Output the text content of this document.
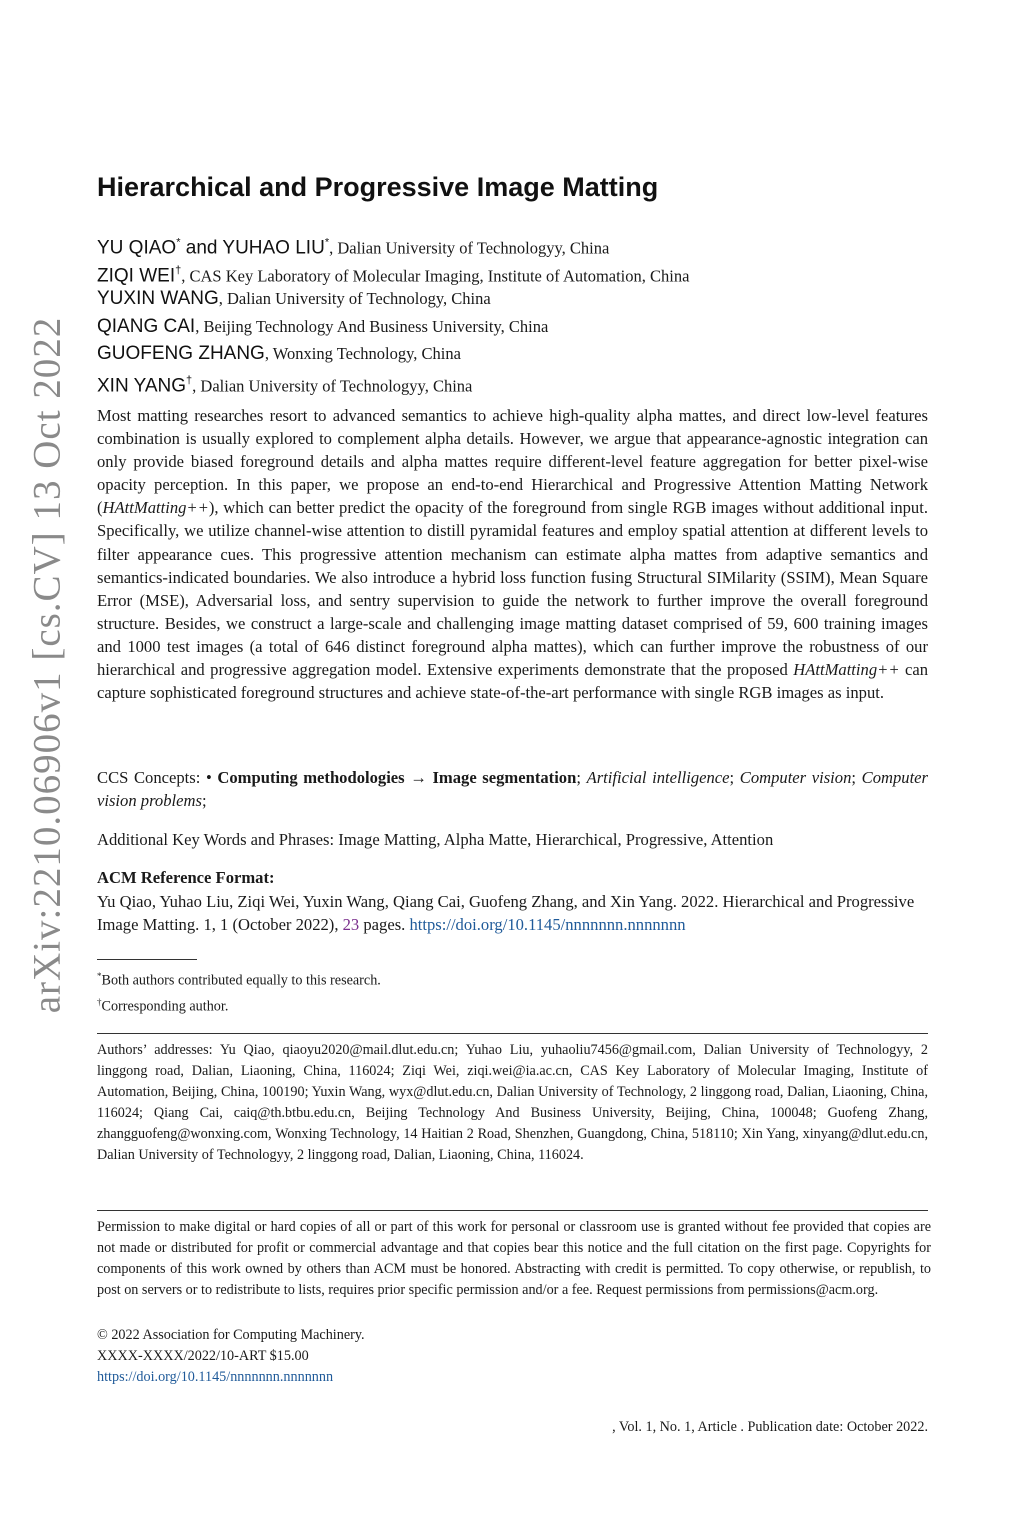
arXiv:2210.06906v1 [cs.CV] 13 Oct 2022
Hierarchical and Progressive Image Matting
YU QIAO* and YUHAO LIU*, Dalian University of Technologyy, China
ZIQI WEI†, CAS Key Laboratory of Molecular Imaging, Institute of Automation, China
YUXIN WANG, Dalian University of Technology, China
QIANG CAI, Beijing Technology And Business University, China
GUOFENG ZHANG, Wonxing Technology, China
XIN YANG†, Dalian University of Technologyy, China

Most matting researches resort to advanced semantics to achieve high-quality alpha mattes, and direct low-level features combination is usually explored to complement alpha details. However, we argue that appearance-agnostic integration can only provide biased foreground details and alpha mattes require different-level feature aggregation for better pixel-wise opacity perception. In this paper, we propose an end-to-end Hierarchical and Progressive Attention Matting Network (HAttMatting++), which can better predict the opacity of the foreground from single RGB images without additional input. Specifically, we utilize channel-wise attention to distill pyramidal features and employ spatial attention at different levels to filter appearance cues. This progressive attention mechanism can estimate alpha mattes from adaptive semantics and semantics-indicated boundaries. We also introduce a hybrid loss function fusing Structural SIMilarity (SSIM), Mean Square Error (MSE), Adversarial loss, and sentry supervision to guide the network to further improve the overall foreground structure. Besides, we construct a large-scale and challenging image matting dataset comprised of 59, 600 training images and 1000 test images (a total of 646 distinct foreground alpha mattes), which can further improve the robustness of our hierarchical and progressive aggregation model. Extensive experiments demonstrate that the proposed HAttMatting++ can capture sophisticated foreground structures and achieve state-of-the-art performance with single RGB images as input.

CCS Concepts: • Computing methodologies → Image segmentation; Artificial intelligence; Computer vision; Computer vision problems;

Additional Key Words and Phrases: Image Matting, Alpha Matte, Hierarchical, Progressive, Attention

ACM Reference Format:

Yu Qiao, Yuhao Liu, Ziqi Wei, Yuxin Wang, Qiang Cai, Guofeng Zhang, and Xin Yang. 2022. Hierarchical and Progressive Image Matting. 1, 1 (October 2022), 23 pages. https://doi.org/10.1145/nnnnnnn.nnnnnnn

*Both authors contributed equally to this research.
†Corresponding author.

Authors’ addresses: Yu Qiao, qiaoyu2020@mail.dlut.edu.cn; Yuhao Liu, yuhaoliu7456@gmail.com, Dalian University of Technologyy, 2 linggong road, Dalian, Liaoning, China, 116024; Ziqi Wei, ziqi.wei@ia.ac.cn, CAS Key Laboratory of Molecular Imaging, Institute of Automation, Beijing, China, 100190; Yuxin Wang, wyx@dlut.edu.cn, Dalian University of Technology, 2 linggong road, Dalian, Liaoning, China, 116024; Qiang Cai, caiq@th.btbu.edu.cn, Beijing Technology And Business University, Beijing, China, 100048; Guofeng Zhang, zhangguofeng@wonxing.com, Wonxing Technology, 14 Haitian 2 Road, Shenzhen, Guangdong, China, 518110; Xin Yang, xinyang@dlut.edu.cn, Dalian University of Technologyy, 2 linggong road, Dalian, Liaoning, China, 116024.

Permission to make digital or hard copies of all or part of this work for personal or classroom use is granted without fee provided that copies are not made or distributed for profit or commercial advantage and that copies bear this notice and the full citation on the first page. Copyrights for components of this work owned by others than ACM must be honored. Abstracting with credit is permitted. To copy otherwise, or republish, to post on servers or to redistribute to lists, requires prior specific permission and/or a fee. Request permissions from permissions@acm.org.

© 2022 Association for Computing Machinery.
XXXX-XXXX/2022/10-ART $15.00
https://doi.org/10.1145/nnnnnnn.nnnnnnn
, Vol. 1, No. 1, Article . Publication date: October 2022.
